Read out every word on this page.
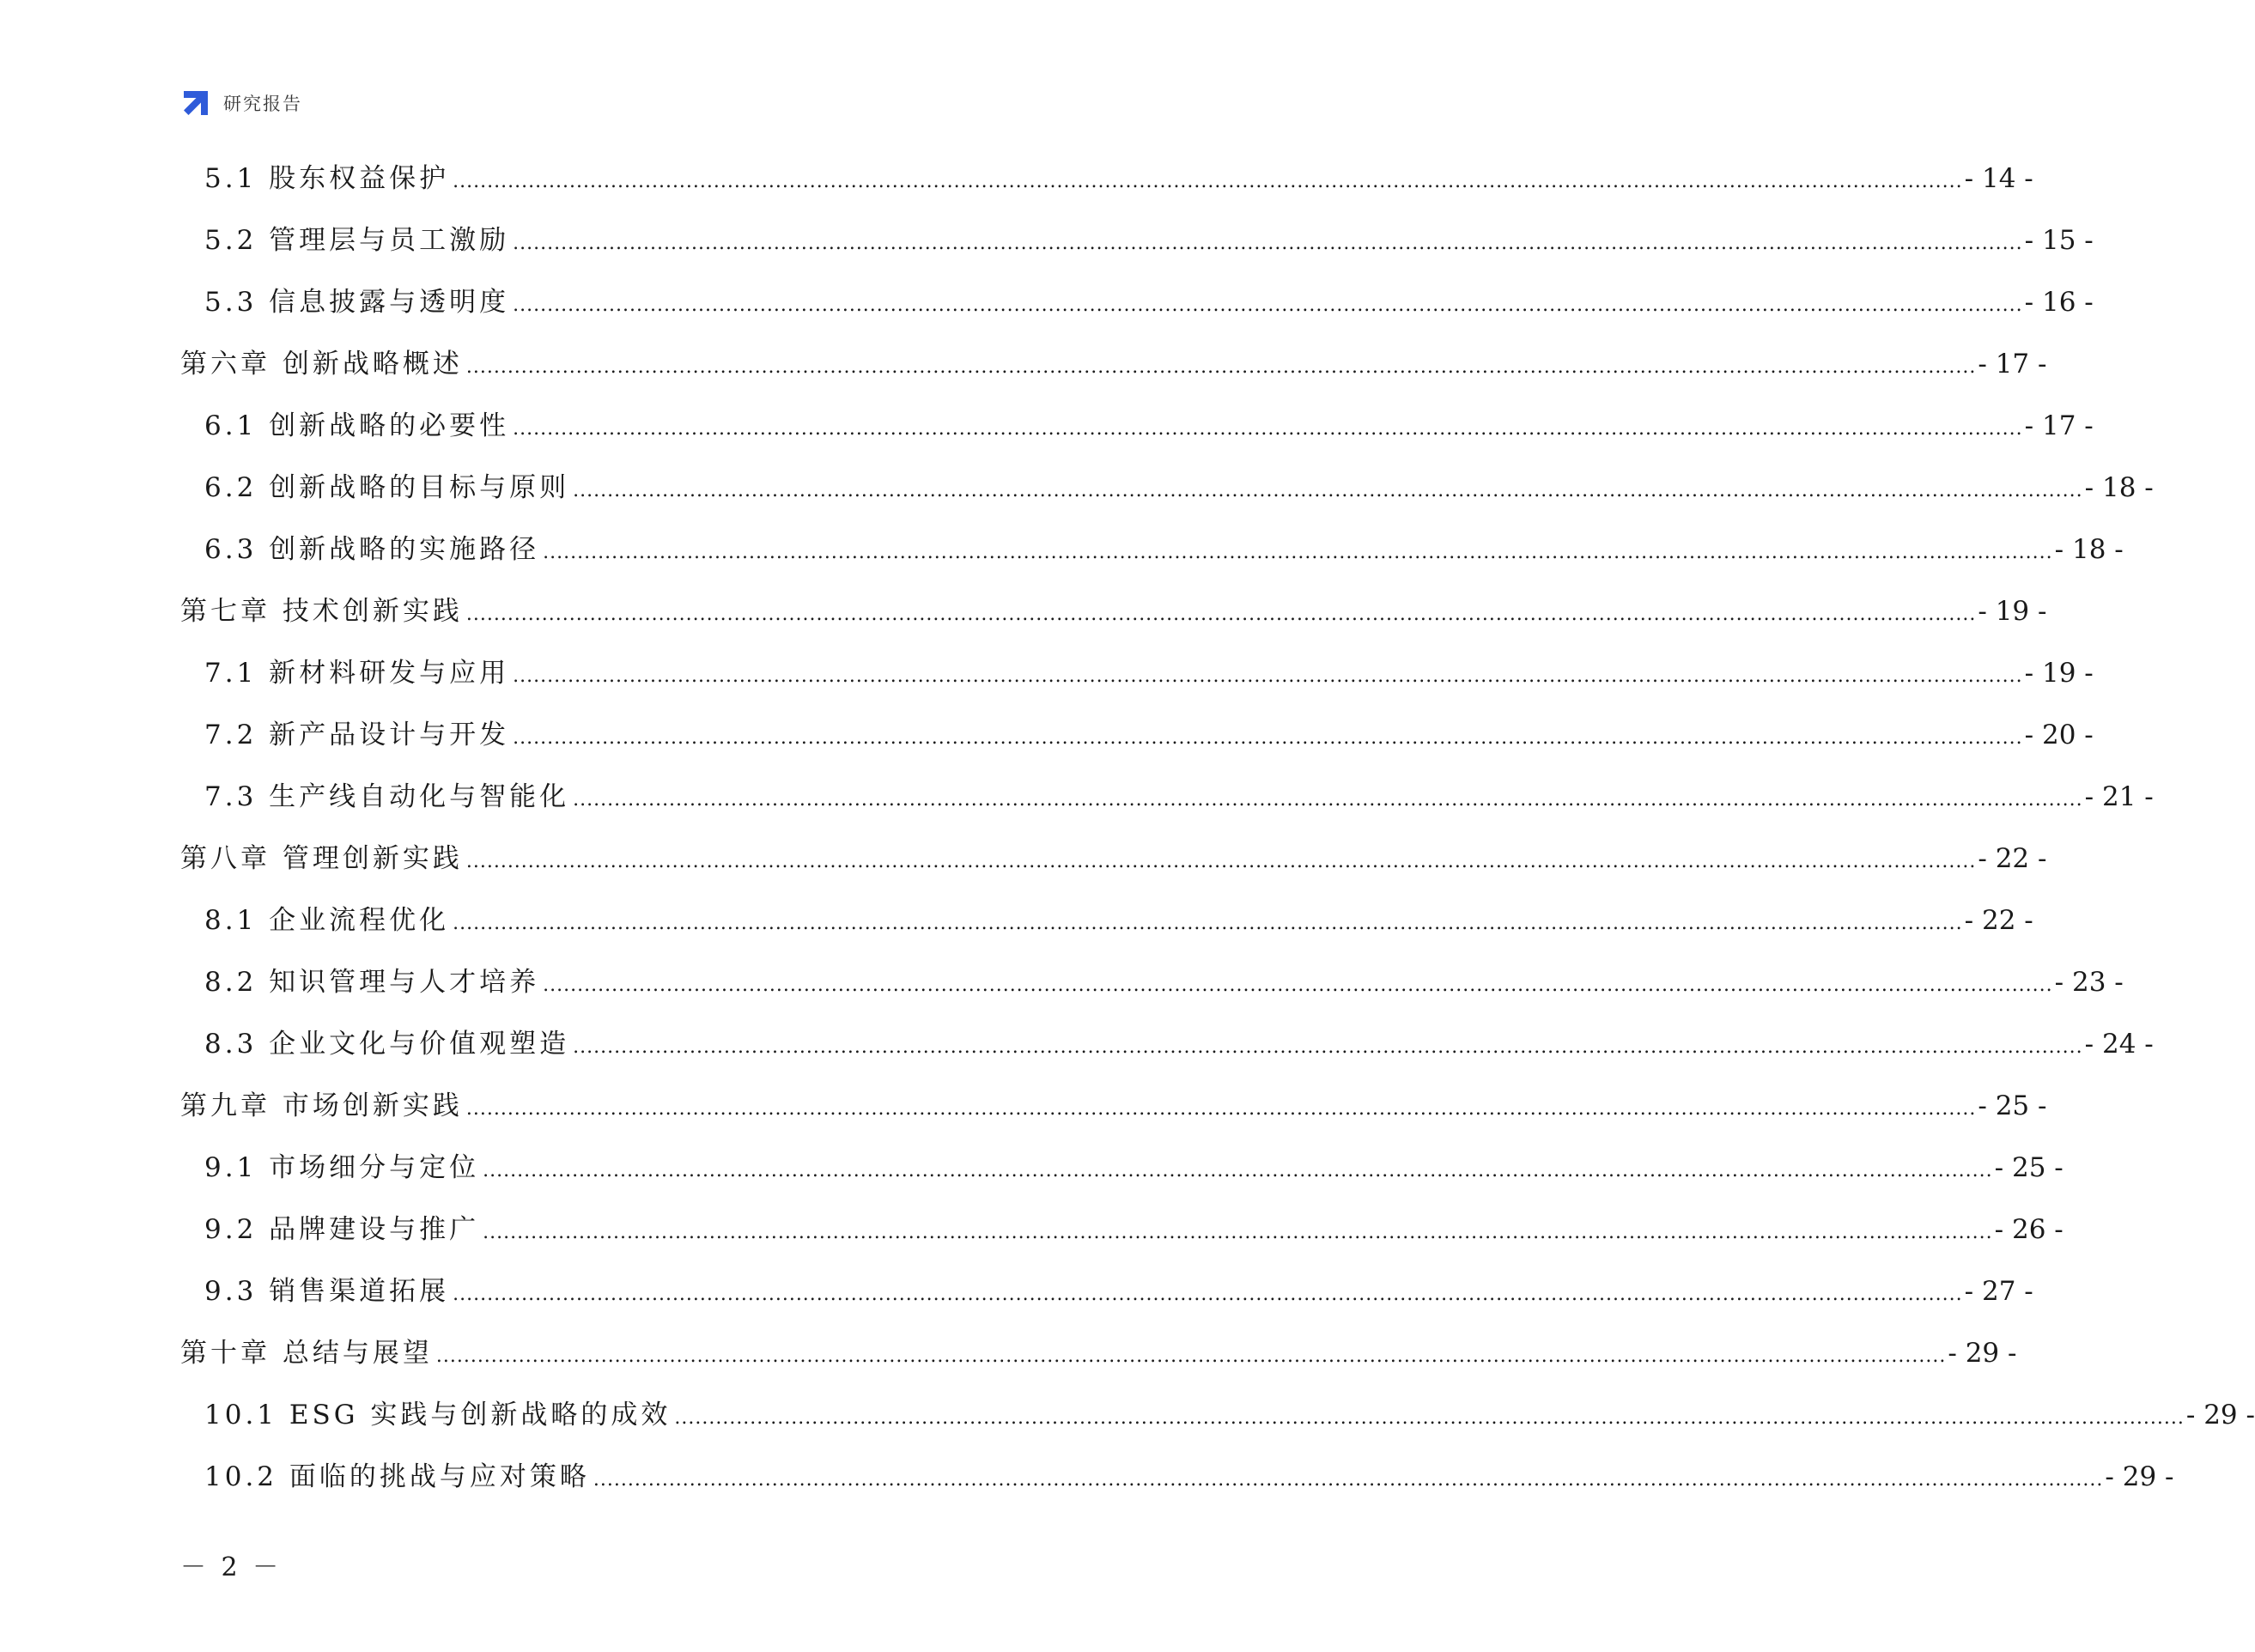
研究报告
5.1 股东权益保护 ............................................................................................................................................................................................................................ - 14 -
5.2 管理层与员工激励 ............................................................................................................................................................................................................................ - 15 -
5.3 信息披露与透明度 ............................................................................................................................................................................................................................ - 16 -
第六章 创新战略概述 ............................................................................................................................................................................................................................ - 17 -
6.1 创新战略的必要性 ............................................................................................................................................................................................................................ - 17 -
6.2 创新战略的目标与原则 ............................................................................................................................................................................................................................ - 18 -
6.3 创新战略的实施路径 ............................................................................................................................................................................................................................ - 18 -
第七章 技术创新实践 ............................................................................................................................................................................................................................ - 19 -
7.1 新材料研发与应用 ............................................................................................................................................................................................................................ - 19 -
7.2 新产品设计与开发 ............................................................................................................................................................................................................................ - 20 -
7.3 生产线自动化与智能化 ............................................................................................................................................................................................................................ - 21 -
第八章 管理创新实践 ............................................................................................................................................................................................................................ - 22 -
8.1 企业流程优化 ............................................................................................................................................................................................................................ - 22 -
8.2 知识管理与人才培养 ............................................................................................................................................................................................................................ - 23 -
8.3 企业文化与价值观塑造 ............................................................................................................................................................................................................................ - 24 -
第九章 市场创新实践 ............................................................................................................................................................................................................................ - 25 -
9.1 市场细分与定位 ............................................................................................................................................................................................................................ - 25 -
9.2 品牌建设与推广 ............................................................................................................................................................................................................................ - 26 -
9.3 销售渠道拓展 ............................................................................................................................................................................................................................ - 27 -
第十章 总结与展望 ............................................................................................................................................................................................................................ - 29 -
10.1 ESG 实践与创新战略的成效 ............................................................................................................................................................................................................................ - 29 -
10.2 面临的挑战与应对策略 ............................................................................................................................................................................................................................ - 29 -
－ 2 －
